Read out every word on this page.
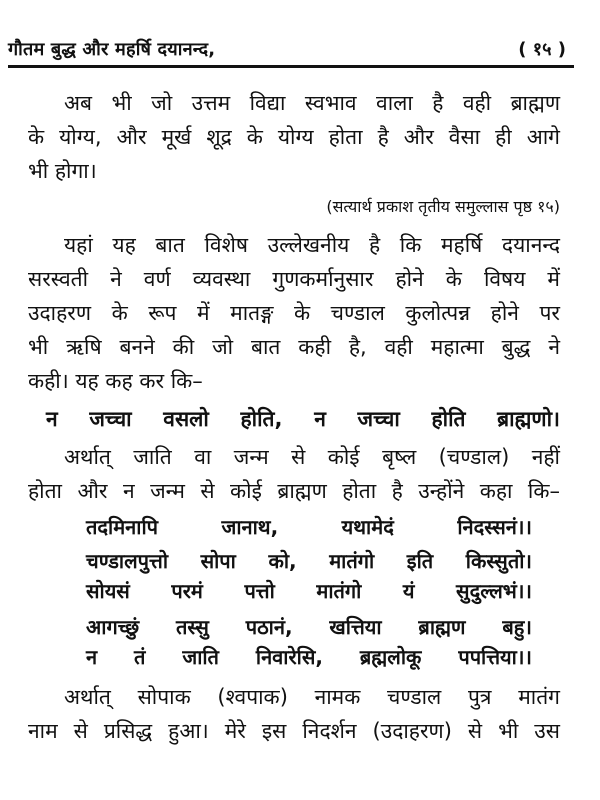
गौतम बुद्ध और महर्षि दयानन्द,	( १५ )
अब भी जो उत्तम विद्या स्वभाव वाला है वही ब्राह्मण
के योग्य, और मूर्ख शूद्र के योग्य होता है और वैसा ही आगे
भी होगा।
(सत्यार्थ प्रकाश तृतीय समुल्लास पृष्ठ १५)
यहां यह बात विशेष उल्लेखनीय है कि महर्षि दयानन्द
सरस्वती ने वर्ण व्यवस्था गुणकर्मानुसार होने के विषय में
उदाहरण के रूप में मातङ्ग के चण्डाल कुलोत्पन्न होने पर
भी ऋषि बनने की जो बात कही है, वही महात्मा बुद्ध ने
कही। यह कह कर कि–
न जच्चा वसलो होति, न जच्चा होति ब्राह्मणो।
अर्थात् जाति वा जन्म से कोई बृष्ल (चण्डाल) नहीं
होता और न जन्म से कोई ब्राह्मण होता है उन्होंने कहा कि–
तदमिनापि जानाथ, यथामेदं निदस्सनं।।
चण्डालपुत्तो सोपा को, मातंगो इति किस्सुतो।
सोयसं परमं पत्तो मातंगो यं सुदुल्लभं।।
आगच्छुं तस्सु पठानं, खत्तिया ब्राह्मण बहु।
न तं जाति निवारेसि, ब्रह्मलोकू पपत्तिया।।
अर्थात् सोपाक (श्वपाक) नामक चण्डाल पुत्र मातंग
नाम से प्रसिद्ध हुआ। मेरे इस निदर्शन (उदाहरण) से भी उस
